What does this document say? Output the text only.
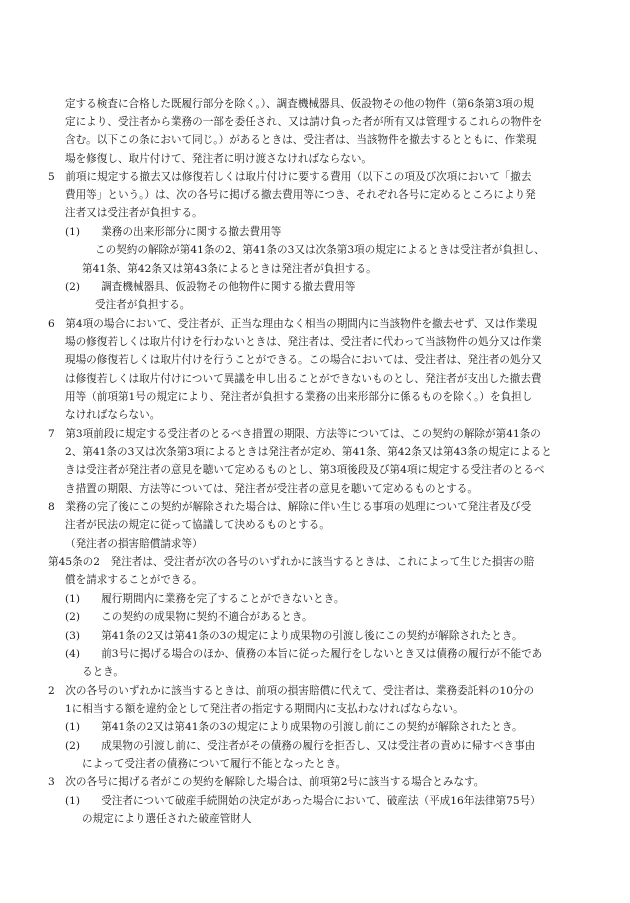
定する検査に合格した既履行部分を除く。）、調査機械器具、仮設物その他の物件（第6条第3項の規
定により、受注者から業務の一部を委任され、又は請け負った者が所有又は管理するこれらの物件を
含む。以下この条において同じ。）があるときは、受注者は、当該物件を撤去するとともに、作業現
場を修復し、取片付けて、発注者に明け渡さなければならない。
5　前項に規定する撤去又は修復若しくは取片付けに要する費用（以下この項及び次項において「撤去
費用等」という。）は、次の各号に掲げる撤去費用等につき、それぞれ各号に定めるところにより発
注者又は受注者が負担する。
(1)　　業務の出来形部分に関する撤去費用等
この契約の解除が第41条の2、第41条の3又は次条第3項の規定によるときは受注者が負担し、
第41条、第42条又は第43条によるときは発注者が負担する。
(2)　　調査機械器具、仮設物その他物件に関する撤去費用等
受注者が負担する。
6　第4項の場合において、受注者が、正当な理由なく相当の期間内に当該物件を撤去せず、又は作業現
場の修復若しくは取片付けを行わないときは、発注者は、受注者に代わって当該物件の処分又は作業
現場の修復若しくは取片付けを行うことができる。この場合においては、受注者は、発注者の処分又
は修復若しくは取片付けについて異議を申し出ることができないものとし、発注者が支出した撤去費
用等（前項第1号の規定により、発注者が負担する業務の出来形部分に係るものを除く。）を負担し
なければならない。
7　第3項前段に規定する受注者のとるべき措置の期限、方法等については、この契約の解除が第41条の
2、第41条の3又は次条第3項によるときは発注者が定め、第41条、第42条又は第43条の規定によると
きは受注者が発注者の意見を聴いて定めるものとし、第3項後段及び第4項に規定する受注者のとるべ
き措置の期限、方法等については、発注者が受注者の意見を聴いて定めるものとする。
8　業務の完了後にこの契約が解除された場合は、解除に伴い生じる事項の処理について発注者及び受
注者が民法の規定に従って協議して決めるものとする。
（発注者の損害賠償請求等）
第45条の2　発注者は、受注者が次の各号のいずれかに該当するときは、これによって生じた損害の賠
償を請求することができる。
(1)　　履行期間内に業務を完了することができないとき。
(2)　　この契約の成果物に契約不適合があるとき。
(3)　　第41条の2又は第41条の3の規定により成果物の引渡し後にこの契約が解除されたとき。
(4)　　前3号に掲げる場合のほか、債務の本旨に従った履行をしないとき又は債務の履行が不能であ
るとき。
2　次の各号のいずれかに該当するときは、前項の損害賠償に代えて、受注者は、業務委託料の10分の
1に相当する額を違約金として発注者の指定する期間内に支払わなければならない。
(1)　　第41条の2又は第41条の3の規定により成果物の引渡し前にこの契約が解除されたとき。
(2)　　成果物の引渡し前に、受注者がその債務の履行を拒否し、又は受注者の責めに帰すべき事由
によって受注者の債務について履行不能となったとき。
3　次の各号に掲げる者がこの契約を解除した場合は、前項第2号に該当する場合とみなす。
(1)　　受注者について破産手続開始の決定があった場合において、破産法（平成16年法律第75号）
の規定により選任された破産管財人
